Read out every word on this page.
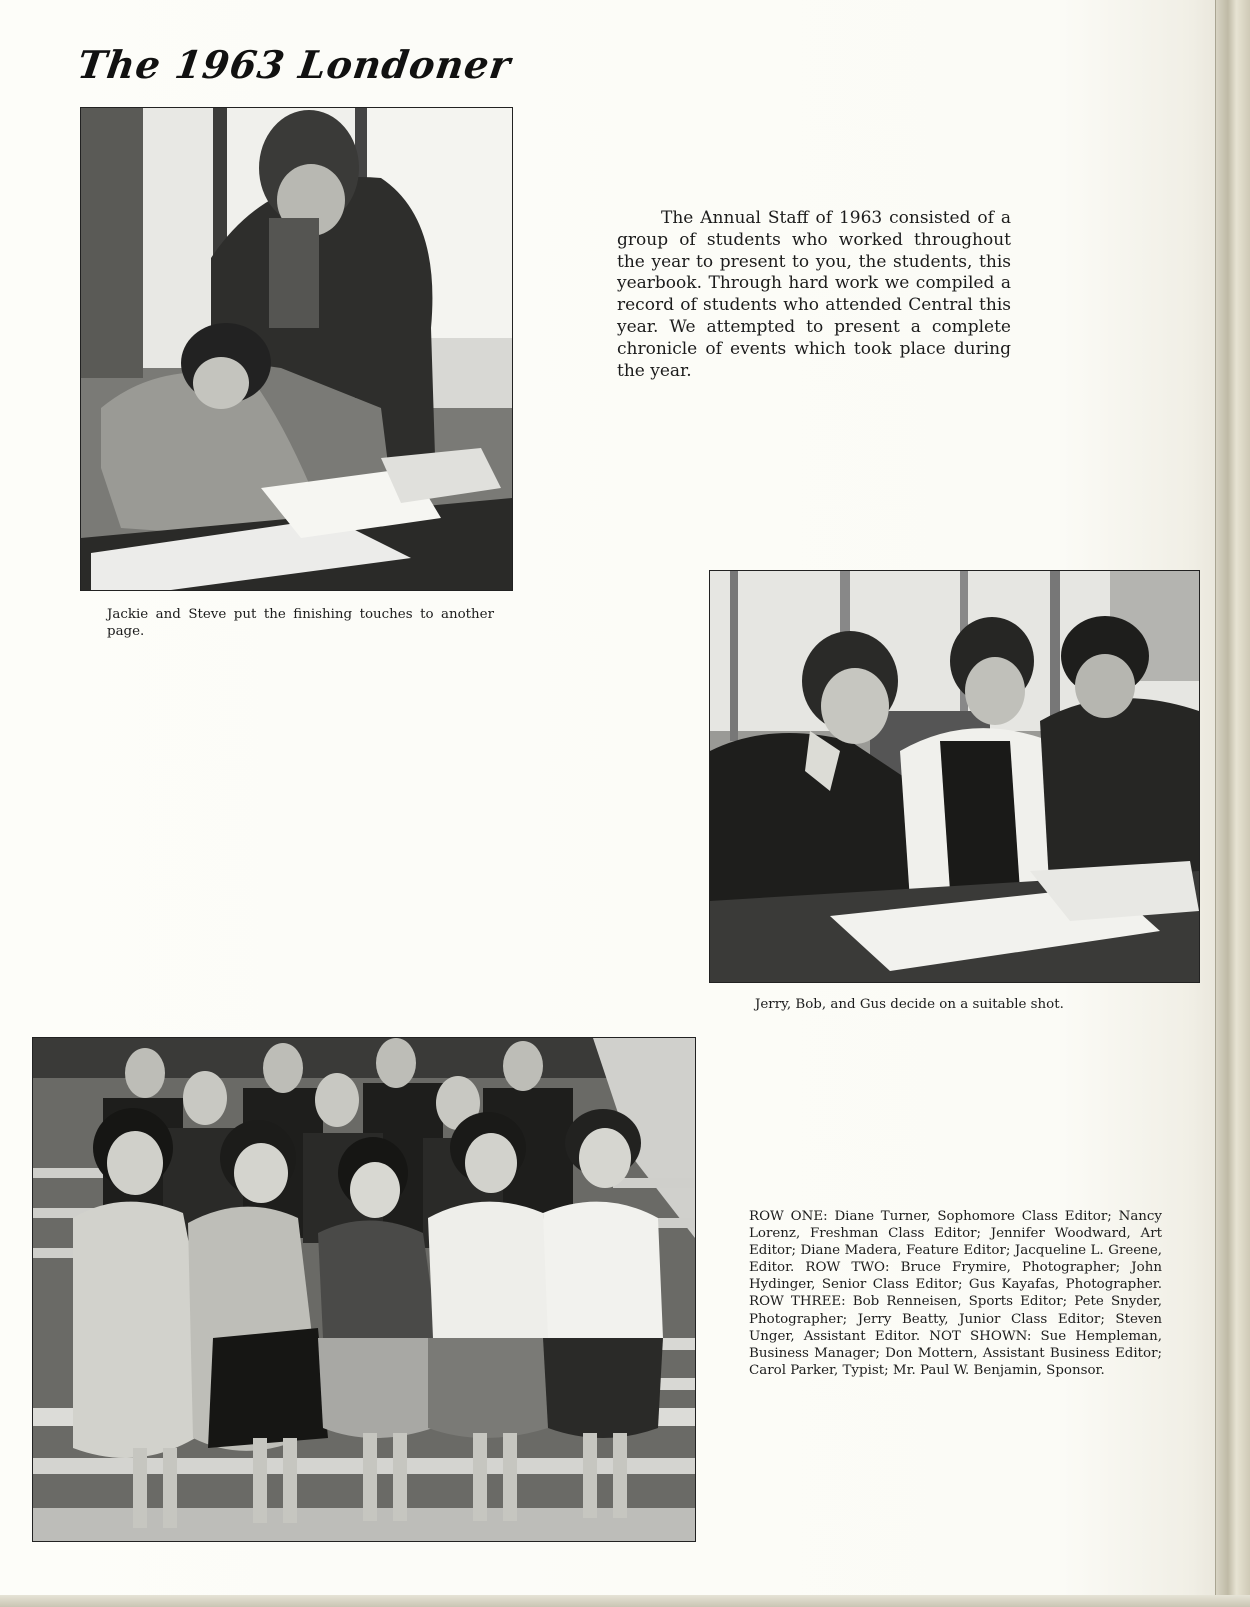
The 1963 Londoner
The Annual Staff of 1963 consisted of a group of students who worked throughout the year to present to you, the students, this yearbook. Through hard work we compiled a record of students who attended Central this year. We attempted to present a complete chronicle of events which took place during the year.
Jackie and Steve put the finishing touches to another page.
Jerry, Bob, and Gus decide on a suitable shot.
ROW ONE: Diane Turner, Sophomore Class Editor; Nancy Lorenz, Freshman Class Editor; Jennifer Woodward, Art Editor; Diane Madera, Feature Editor; Jacqueline L. Greene, Editor. ROW TWO: Bruce Frymire, Photographer; John Hydinger, Senior Class Editor; Gus Kayafas, Photographer. ROW THREE: Bob Renneisen, Sports Editor; Pete Snyder, Photographer; Jerry Beatty, Junior Class Editor; Steven Unger, Assistant Editor. NOT SHOWN: Sue Hempleman, Business Manager; Don Mottern, Assistant Business Editor; Carol Parker, Typist; Mr. Paul W. Benjamin, Sponsor.
